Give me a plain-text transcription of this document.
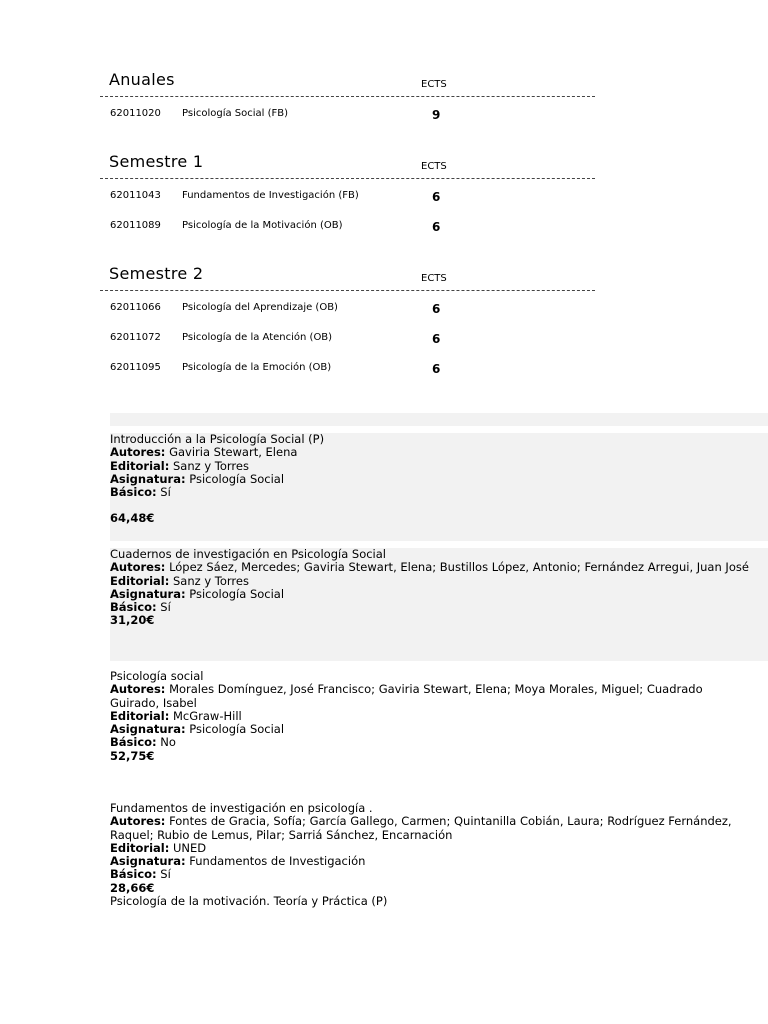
Anuales	ECTS
62011020 Psicología Social (FB)	9
Semestre 1	ECTS
62011043 Fundamentos de Investigación (FB)	6
62011089 Psicología de la Motivación (OB)	6
Semestre 2	ECTS
62011066 Psicología del Aprendizaje (OB)	6
62011072 Psicología de la Atención (OB)	6
62011095 Psicología de la Emoción (OB)	6
Introducción a la Psicología Social (P)
Autores: Gaviria Stewart, Elena
Editorial: Sanz y Torres
Asignatura: Psicología Social
Básico: Sí
64,48€
Cuadernos de investigación en Psicología Social
Autores: López Sáez, Mercedes; Gaviria Stewart, Elena; Bustillos López, Antonio; Fernández Arregui, Juan José
Editorial: Sanz y Torres
Asignatura: Psicología Social
Básico: Sí
31,20€
Psicología social
Autores: Morales Domínguez, José Francisco; Gaviria Stewart, Elena; Moya Morales, Miguel; Cuadrado Guirado, Isabel
Editorial: McGraw-Hill
Asignatura: Psicología Social
Básico: No
52,75€
Fundamentos de investigación en psicología .
Autores: Fontes de Gracia, Sofía; García Gallego, Carmen; Quintanilla Cobián, Laura; Rodríguez Fernández, Raquel; Rubio de Lemus, Pilar; Sarriá Sánchez, Encarnación
Editorial: UNED
Asignatura: Fundamentos de Investigación
Básico: Sí
28,66€
Psicología de la motivación. Teoría y Práctica (P)
